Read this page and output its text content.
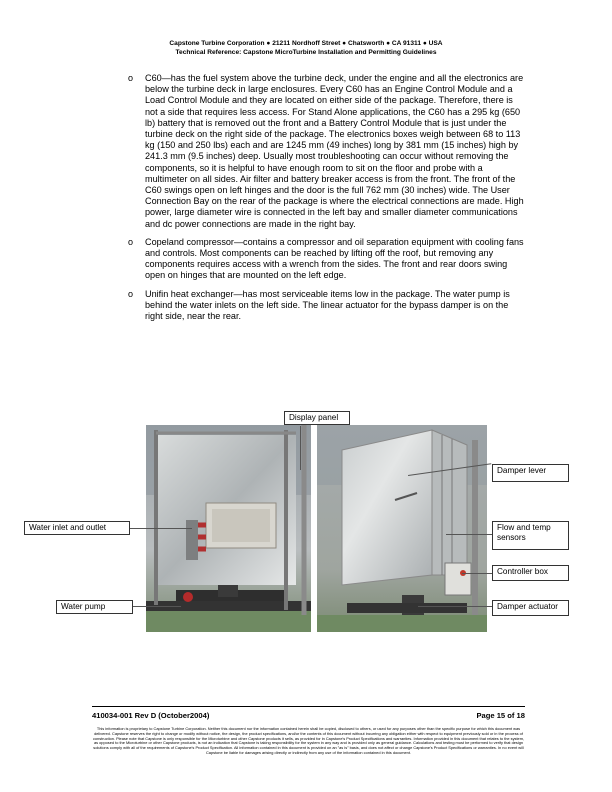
Capstone Turbine Corporation ● 21211 Nordhoff Street ● Chatsworth ● CA 91311 ● USA
Technical Reference: Capstone MicroTurbine Installation and Permitting Guidelines
o C60—has the fuel system above the turbine deck, under the engine and all the electronics are below the turbine deck in large enclosures. Every C60 has an Engine Control Module and a Load Control Module and they are located on either side of the package. Therefore, there is not a side that requires less access. For Stand Alone applications, the C60 has a 295 kg (650 lb) battery that is removed out the front and a Battery Control Module that is just under the turbine deck on the right side of the package. The electronics boxes weigh between 68 to 113 kg (150 and 250 lbs) each and are 1245 mm (49 inches) long by 381 mm (15 inches) high by 241.3 mm (9.5 inches) deep. Usually most troubleshooting can occur without removing the components, so it is helpful to have enough room to sit on the floor and probe with a multimeter on all sides. Air filter and battery breaker access is from the front. The front of the C60 swings open on left hinges and the door is the full 762 mm (30 inches) wide. The User Connection Bay on the rear of the package is where the electrical connections are made. High power, large diameter wire is connected in the left bay and smaller diameter communications and dc power connections are made in the right bay.
o Copeland compressor—contains a compressor and oil separation equipment with cooling fans and controls. Most components can be reached by lifting off the roof, but removing any components requires access with a wrench from the sides. The front and rear doors swing open on hinges that are mounted on the left edge.
o Unifin heat exchanger—has most serviceable items low in the package. The water pump is behind the water inlets on the left side. The linear actuator for the bypass damper is on the right side, near the rear.
Display panel
Water inlet and outlet
Water pump
Damper lever
Flow and temp sensors
Controller box
Damper actuator
410034-001 Rev D (October2004)	Page 15 of 18
This information is proprietary to Capstone Turbine Corporation. Neither this document nor the information contained herein shall be copied, disclosed to others, or used for any purposes other than the specific purpose for which this document was delivered. Capstone reserves the right to change or modify without notice, the design, the product specifications, and/or the contents of this document without incurring any obligation either with respect to equipment previously sold or in the process of construction. Please note that Capstone is only responsible for the Microturbine and other Capstone products it sells, as provided for in Capstone's Product Specifications and warranties. Information provided in this document that relates to the system, as opposed to the Microturbine or other Capstone products, is not an indication that Capstone is taking responsibility for the system in any way and is provided only as general guidance. Calculations and testing must be performed to verify that design solutions comply with all of the requirements of Capstone's Product Specification. All information contained in this document is provided on an "as is" basis, and does not affect or change Capstone's Product Specifications or warranties. In no event will Capstone be liable for damages arising directly or indirectly from any use of the information contained in this document.
